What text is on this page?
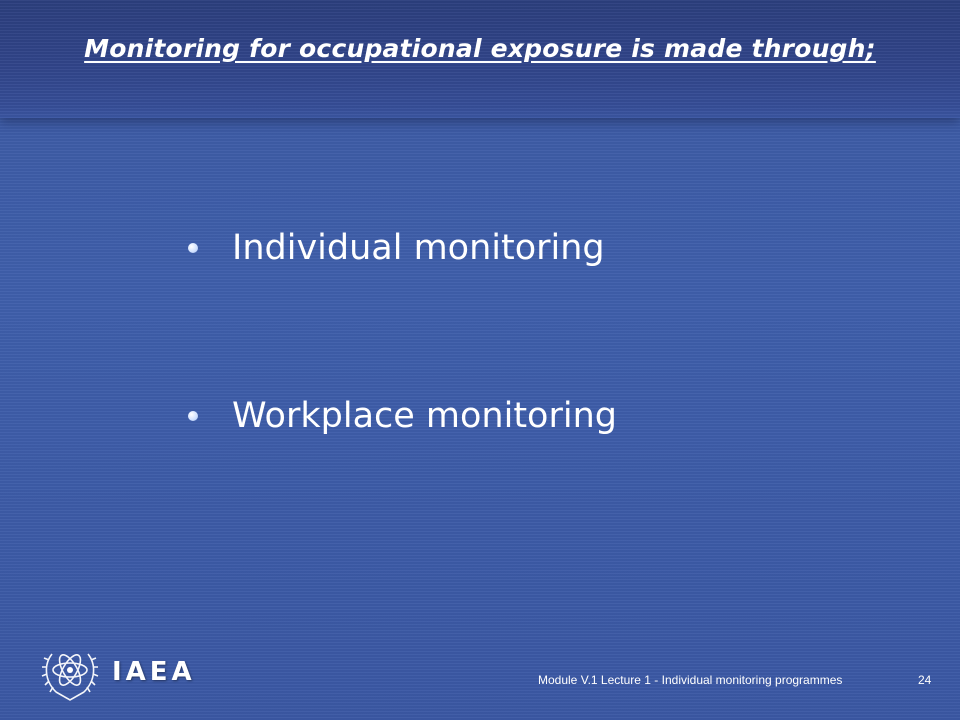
Monitoring for occupational exposure is made through;
Individual monitoring
Workplace monitoring
IAEA	Module V.1 Lecture 1 - Individual monitoring programmes	24
